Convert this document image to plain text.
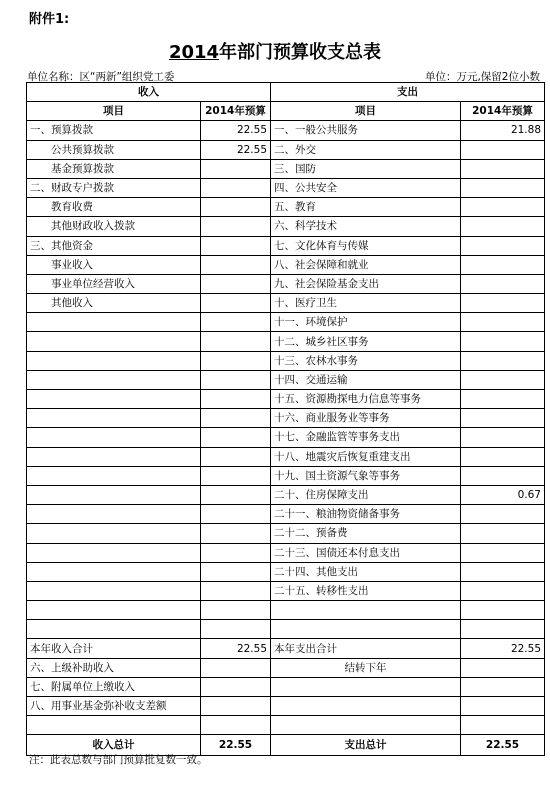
附件1:
2014年部门预算收支总表
单位名称：区“两新”组织党工委	单位：万元,保留2位小数
收入		支出	
项目	2014年预算	项目	2014年预算
一、预算拨款	22.55	一、一般公共服务	21.88
公共预算拨款	22.55	二、外交	
基金预算拨款		三、国防	
二、财政专户拨款		四、公共安全	
教育收费		五、教育	
其他财政收入拨款		六、科学技术	
三、其他资金		七、文化体育与传媒	
事业收入		八、社会保障和就业	
事业单位经营收入		九、社会保险基金支出	
其他收入		十、医疗卫生	
		十一、环境保护	
		十二、城乡社区事务	
		十三、农林水事务	
		十四、交通运输	
		十五、资源勘探电力信息等事务	
		十六、商业服务业等事务	
		十七、金融监管等事务支出	
		十八、地震灾后恢复重建支出	
		十九、国土资源气象等事务	
		二十、住房保障支出	0.67
		二十一、粮油物资储备事务	
		二十二、预备费	
		二十三、国债还本付息支出	
		二十四、其他支出	
		二十五、转移性支出	

本年收入合计	22.55	本年支出合计	22.55
六、上级补助收入		结转下年	
七、附属单位上缴收入			
八、用事业基金弥补收支差额			

收入总计	22.55	支出总计	22.55
注：此表总数与部门预算批复数一致。
